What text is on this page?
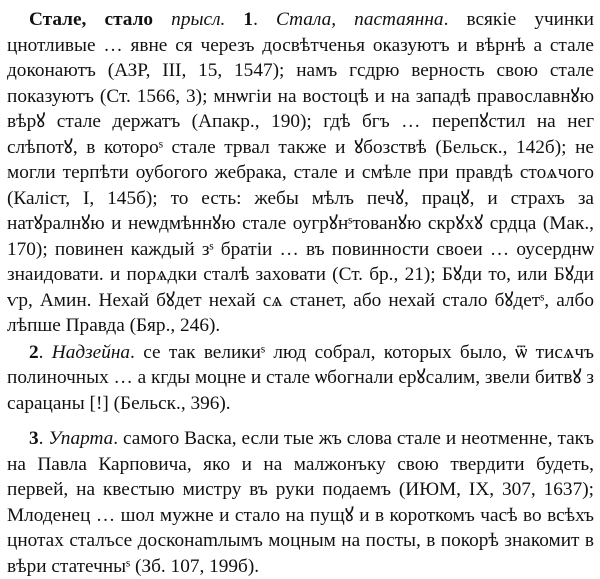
Стале, стало прысл. 1. Стала, пастаянна. всякіе учинки цнотливые … явне ся черезъ досвѣтченья оказуютъ и вѣрнѣ а стале доконаютъ (АЗР, III, 15, 1547); намъ гсдрю верность свою стале показуютъ (Ст. 1566, 3); мнѡгіи на востоцѣ и на западѣ православнꙋю вѣрꙋ стале держатъ (Апакр., 190); гдѣ бгъ … перепꙋстил на нег слѣпотꙋ, в котороˢ стале трвал также и ꙋбозствѣ (Бельск., 142б); не могли терпѣти оубогого жебрака, стале и смѣле при правдѣ стоѧчого (Каліст, I, 145б); то есть: жебы мѣлъ печꙋ, працꙋ, и страхъ за натꙋралнꙋю и неѡдмѣннꙋю стале оугрꙋнˢтованꙋю скрꙋхꙋ срдца (Мак., 170); повинен каждый зˢ братіи … въ повинности своеи … оусерднѡ знаидовати. и порѧдки сталѣ заховати (Ст. бр., 21); Бꙋди то, или Бꙋди ѵр, Амин. Нехай бꙋдет нехай сѧ станет, або нехай стало бꙋдетˢ, албо лѣпше Правда (Бяр., 246).

2. Надзейна. се так великиˢ люд собрал, которых было, ѿ тисѧчъ полиночных … а кгды моцне и стале ѡбогнали ерꙋсалим, звели битвꙋ з сарацаны [!] (Бельск., 396).

3. Упарта. самого Васка, если тые жъ слова стале и неотменне, такъ на Павла Карповича, яко и на малжонъку свою твердити будеть, первей, на квестыю мистру въ руки подаемъ (ИЮМ, IX, 307, 1637); Млоденец … шол мужне и стало на пущꙋ и в короткомъ часѣ во всѣхъ цнотах сталъсе досконаmлымъ моцным на посты, в покорѣ знакомит в вѣри статечныˢ (Зб. 107, 199б).
